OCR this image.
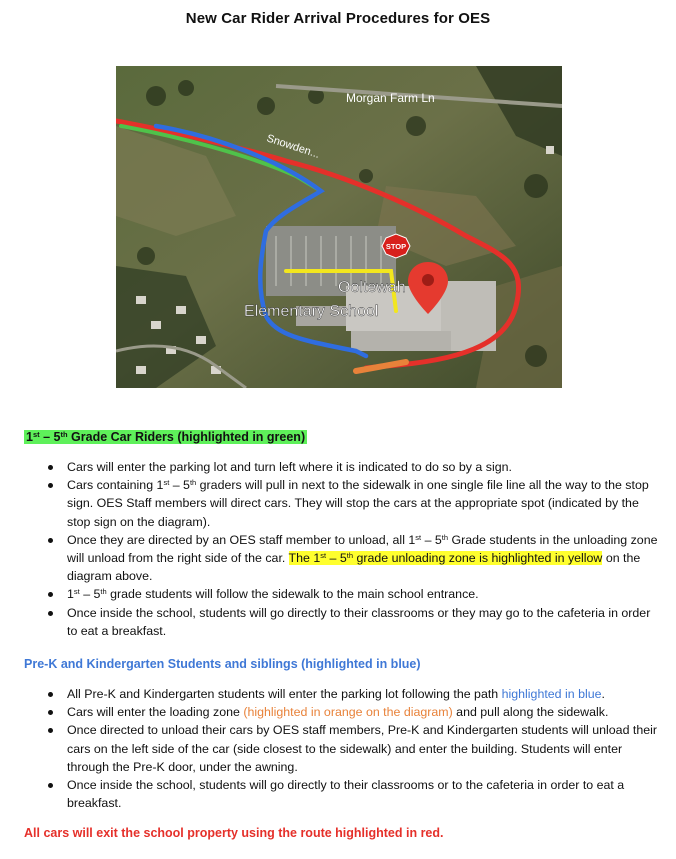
New Car Rider Arrival Procedures for OES
STOP
Morgan Farm Ln
Snowden...
Ooltewah
Elementary School
1st – 5th Grade Car Riders (highlighted in green)
Cars will enter the parking lot and turn left where it is indicated to do so by a sign.
Cars containing 1st – 5th graders will pull in next to the sidewalk in one single file line all the way to the stop sign. OES Staff members will direct cars. They will stop the cars at the appropriate spot (indicated by the stop sign on the diagram).
Once they are directed by an OES staff member to unload, all 1st – 5th Grade students in the unloading zone will unload from the right side of the car. The 1st – 5th grade unloading zone is highlighted in yellow on the diagram above.
1st – 5th grade students will follow the sidewalk to the main school entrance.
Once inside the school, students will go directly to their classrooms or they may go to the cafeteria in order to eat a breakfast.
Pre-K and Kindergarten Students and siblings (highlighted in blue)
All Pre-K and Kindergarten students will enter the parking lot following the path highlighted in blue.
Cars will enter the loading zone (highlighted in orange on the diagram) and pull along the sidewalk.
Once directed to unload their cars by OES staff members, Pre-K and Kindergarten students will unload their cars on the left side of the car (side closest to the sidewalk) and enter the building. Students will enter through the Pre-K door, under the awning.
Once inside the school, students will go directly to their classrooms or to the cafeteria in order to eat a breakfast.
All cars will exit the school property using the route highlighted in red.
